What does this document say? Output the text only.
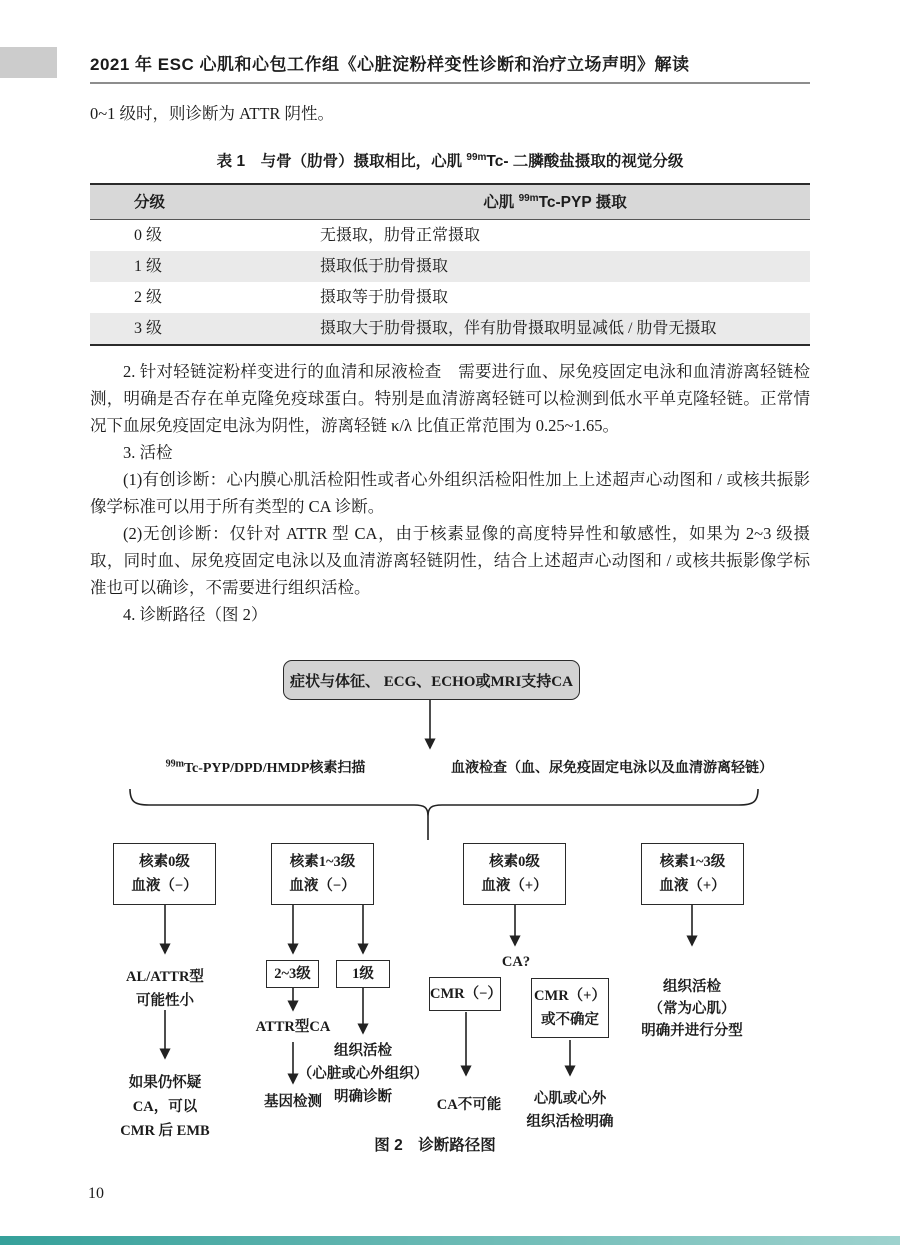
2021 年 ESC 心肌和心包工作组《心脏淀粉样变性诊断和治疗立场声明》解读

0~1 级时，则诊断为 ATTR 阴性。

表 1　与骨（肋骨）摄取相比，心肌 $^{99m}$Tc- 二膦酸盐摄取的视觉分级
分级	心肌 $^{99m}$Tc-PYP 摄取
0 级	无摄取，肋骨正常摄取
1 级	摄取低于肋骨摄取
2 级	摄取等于肋骨摄取
3 级	摄取大于肋骨摄取，伴有肋骨摄取明显减低 / 肋骨无摄取

2. 针对轻链淀粉样变进行的血清和尿液检查　需要进行血、尿免疫固定电泳和血清游离轻链检测，明确是否存在单克隆免疫球蛋白。特别是血清游离轻链可以检测到低水平单克隆轻链。正常情况下血尿免疫固定电泳为阴性，游离轻链 κ/λ 比值正常范围为 0.25~1.65。

3. 活检

(1)有创诊断：心内膜心肌活检阳性或者心外组织活检阳性加上上述超声心动图和 / 或核共振影像学标准可以用于所有类型的 CA 诊断。

(2)无创诊断：仅针对 ATTR 型 CA，由于核素显像的高度特异性和敏感性，如果为 2~3 级摄取，同时血、尿免疫固定电泳以及血清游离轻链阴性，结合上述超声心动图和 / 或核共振影像学标准也可以确诊，不需要进行组织活检。

4. 诊断路径（图 2）

症状与体征、 ECG、ECHO或MRI支持CA
$^{99m}$Tc-PYP/DPD/HMDP核素扫描	血液检查（血、尿免疫固定电泳以及血清游离轻链）
核素0级
血液（−）
核素1~3级
血液（−）
核素0级
血液（+）
核素1~3级
血液（+）
AL/ATTR型
可能性小
如果仍怀疑
CA，可以
CMR 后 EMB
2~3级	1级
ATTR型CA
基因检测
组织活检
（心脏或心外组织）
明确诊断
CA?
CMR（−） CMR（+）
或不确定
CA不可能	心肌或心外
组织活检明确
组织活检
（常为心肌）
明确并进行分型
图 2　诊断路径图
10
